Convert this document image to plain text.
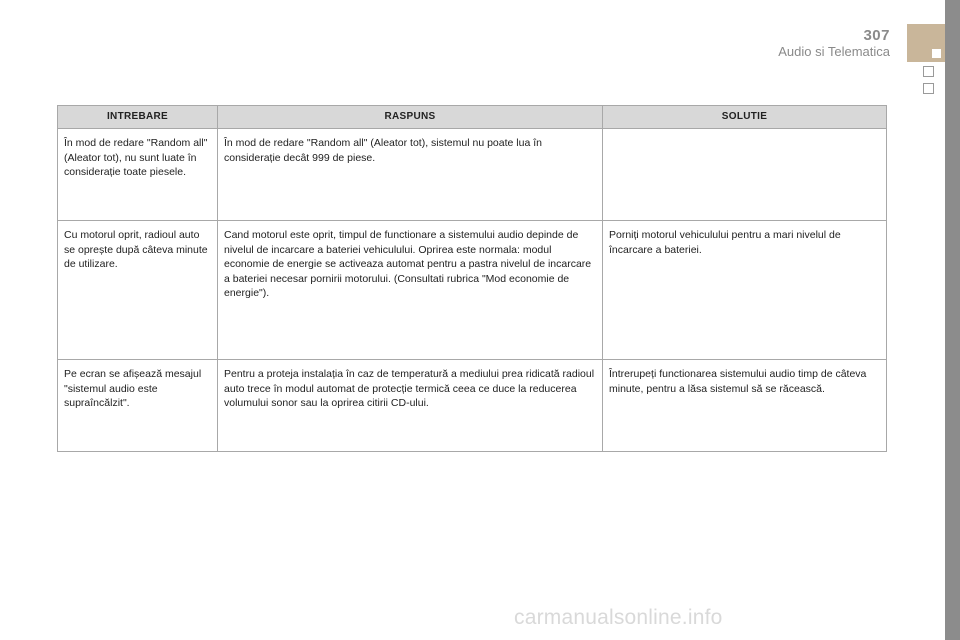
307
Audio si Telematica
INTREBARE	RASPUNS	SOLUTIE
În mod de redare "Random all" (Aleator tot), nu sunt luate în considerație toate piesele.	În mod de redare "Random all" (Aleator tot), sistemul nu poate lua în considerație decât 999 de piese.	
Cu motorul oprit, radioul auto se oprește după câteva minute de utilizare.	Cand motorul este oprit, timpul de functionare a sistemului audio depinde de nivelul de incarcare a bateriei vehiculului. Oprirea este normala: modul economie de energie se activeaza automat pentru a pastra nivelul de incarcare a bateriei necesar pornirii motorului. (Consultati rubrica "Mod economie de energie").	Porniți motorul vehiculului pentru a mari nivelul de încarcare a bateriei.
Pe ecran se afișează mesajul "sistemul audio este supraîncălzit".	Pentru a proteja instalația în caz de temperatură a mediului prea ridicată radioul auto trece în modul automat de protecție termică ceea ce duce la reducerea volumului sonor sau la oprirea citirii CD-ului.	Întrerupeți functionarea sistemului audio timp de câteva minute, pentru a lăsa sistemul să se răcească.
carmanualsonline.info
